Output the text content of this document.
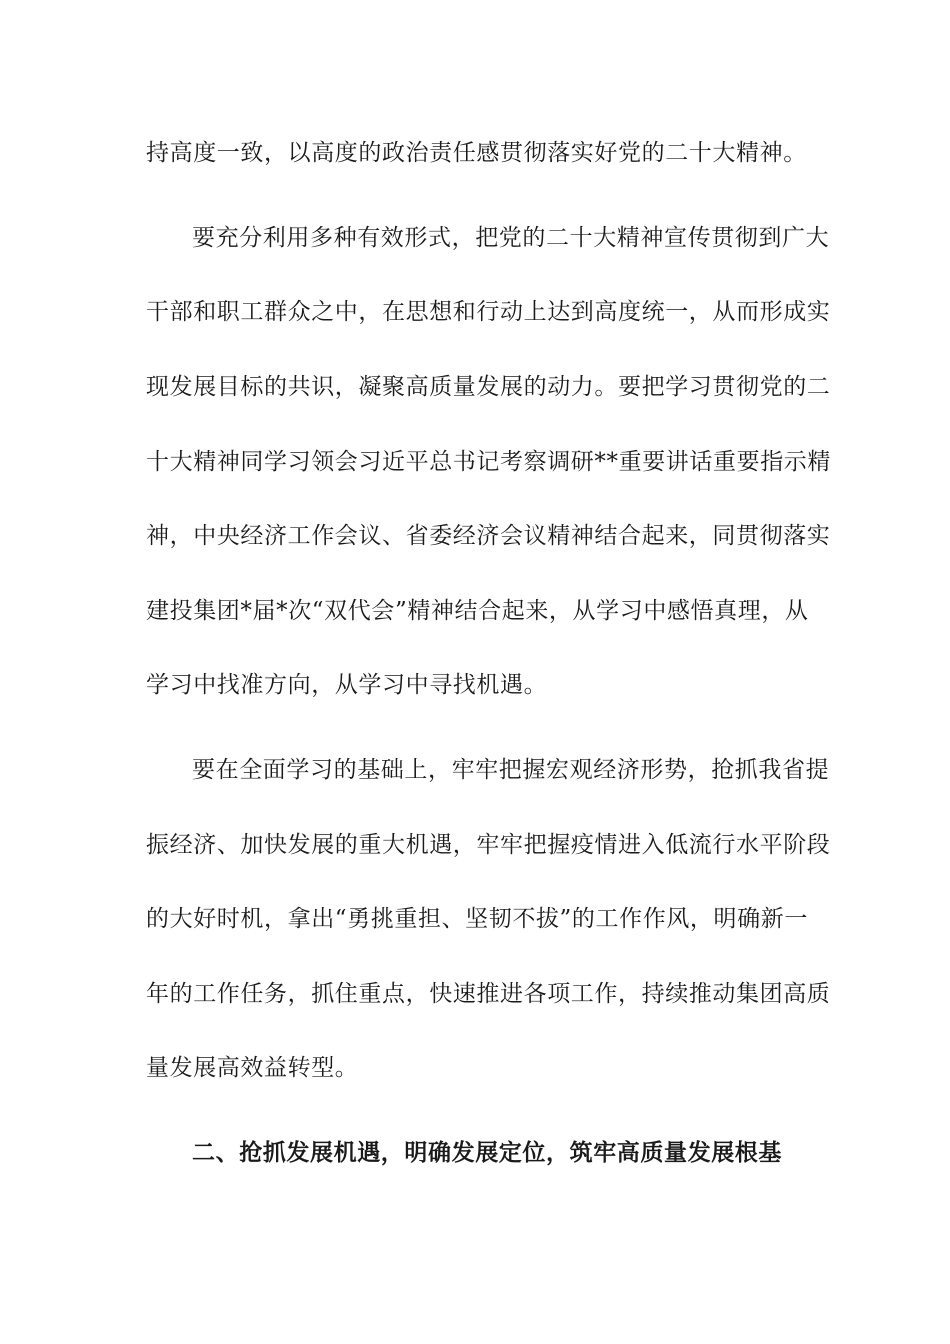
持高度一致，以高度的政治责任感贯彻落实好党的二十大精神。
要充分利用多种有效形式，把党的二十大精神宣传贯彻到广大
干部和职工群众之中，在思想和行动上达到高度统一，从而形成实
现发展目标的共识，凝聚高质量发展的动力。要把学习贯彻党的二
十大精神同学习领会习近平总书记考察调研**重要讲话重要指示精
神，中央经济工作会议、省委经济会议精神结合起来，同贯彻落实
建投集团*届*次“双代会”精神结合起来，从学习中感悟真理，从
学习中找准方向，从学习中寻找机遇。
要在全面学习的基础上，牢牢把握宏观经济形势，抢抓我省提
振经济、加快发展的重大机遇，牢牢把握疫情进入低流行水平阶段
的大好时机，拿出“勇挑重担、坚韧不拔”的工作作风，明确新一
年的工作任务，抓住重点，快速推进各项工作，持续推动集团高质
量发展高效益转型。
二、抢抓发展机遇，明确发展定位，筑牢高质量发展根基
